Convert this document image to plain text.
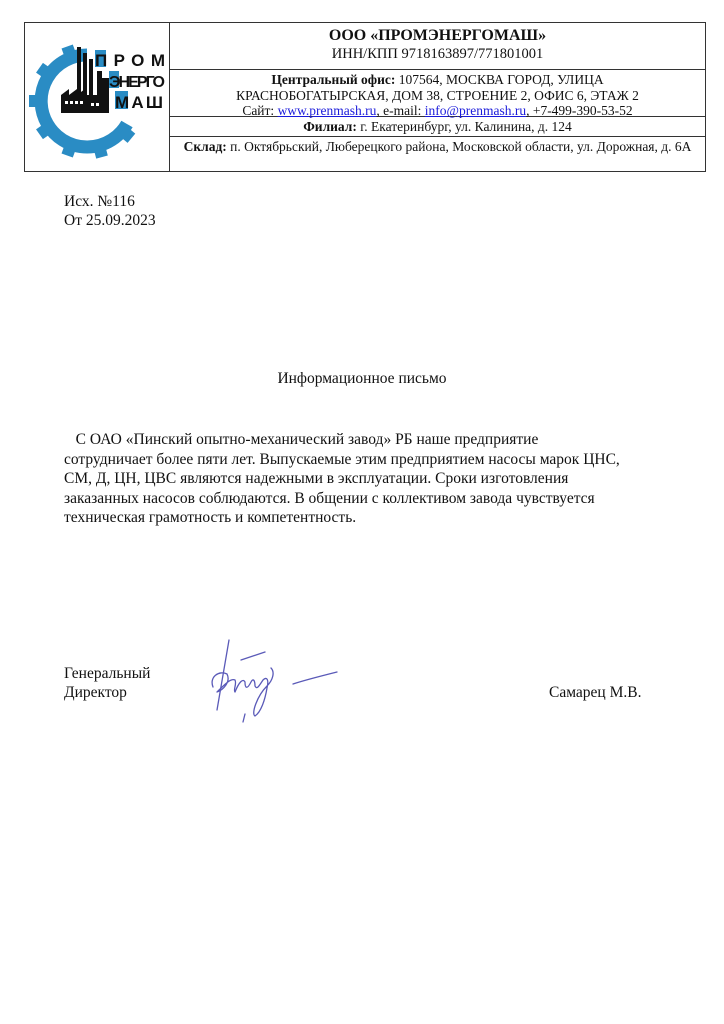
ПРОМ
ЭНЕРГО
МАШ
ООО «ПРОМЭНЕРГОМАШ»
ИНН/КПП 9718163897/771801001
Центральный офис: 107564, МОСКВА ГОРОД, УЛИЦА
КРАСНОБОГАТЫРСКАЯ, ДОМ 38, СТРОЕНИЕ 2, ОФИС 6, ЭТАЖ 2
Сайт: www.prenmash.ru, e-mail: info@prenmash.ru, +7-499-390-53-52
Филиал: г. Екатеринбург, ул. Калинина, д. 124
Склад: п. Октябрьский, Люберецкого района, Московской области, ул. Дорожная, д. 6А
Исх. №116
От 25.09.2023
Информационное письмо

С ОАО «Пинский опытно-механический завод» РБ наше предприятие

сотрудничает более пяти лет. Выпускаемые этим предприятием насосы марок ЦНС,

СМ, Д, ЦН, ЦВС являются надежными в эксплуатации. Сроки изготовления

заказанных насосов соблюдаются. В общении с коллективом завода чувствуется

техническая грамотность и компетентность.

Генеральный
Директор	Самарец М.В.
